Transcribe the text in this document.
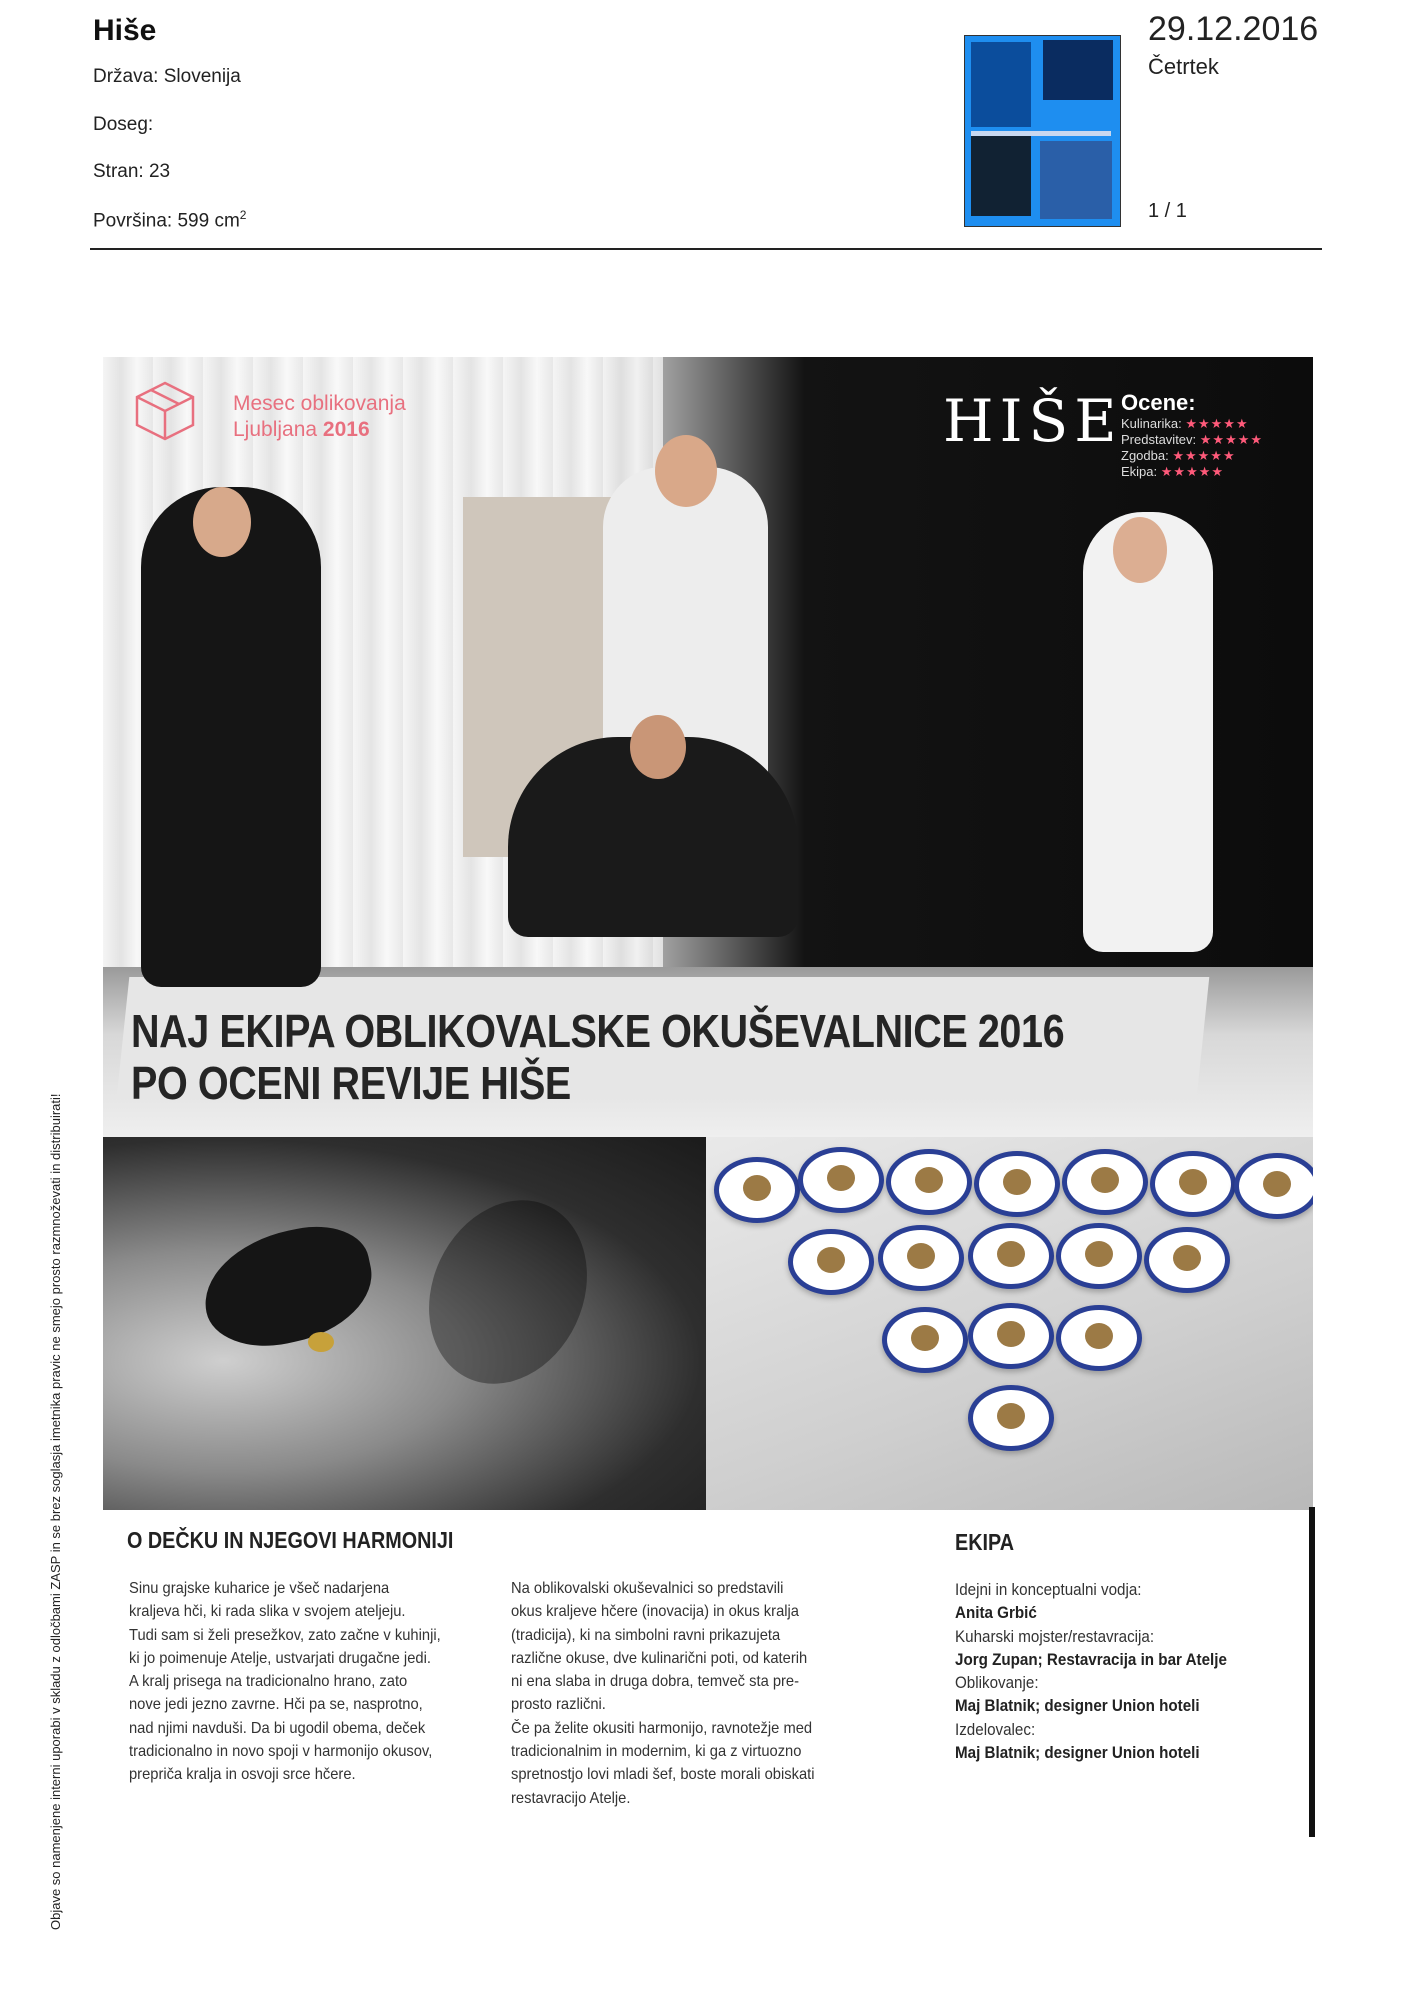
Hiše
Država: Slovenija
Doseg:
Stran: 23
Površina: 599 $cm^2$
29.12.2016
Četrtek
1 / 1
Mesec oblikovanja
Ljubljana 2016	HIŠE
Ocene:
Kulinarika: ★★★★★
Predstavitev: ★★★★★
Zgodba: ★★★★★
Ekipa: ★★★★★
NAJ EKIPA OBLIKOVALSKE OKUŠEVALNICE 2016
PO OCENI REVIJE HIŠE
O DEČKU IN NJEGOVI HARMONIJI
Sinu grajske kuharice je všeč nadarjena
kraljeva hči, ki rada slika v svojem ateljeju.
Tudi sam si želi presežkov, zato začne v kuhinji,
ki jo poimenuje Atelje, ustvarjati drugačne jedi.
A kralj prisega na tradicionalno hrano, zato
nove jedi jezno zavrne. Hči pa se, nasprotno,
nad njimi navduši. Da bi ugodil obema, deček
tradicionalno in novo spoji v harmonijo okusov,
prepriča kralja in osvoji srce hčere.
Na oblikovalski okuševalnici so predstavili
okus kraljeve hčere (inovacija) in okus kralja
(tradicija), ki na simbolni ravni prikazujeta
različne okuse, dve kulinarični poti, od katerih
ni ena slaba in druga dobra, temveč sta pre-
prosto različni.
Če pa želite okusiti harmonijo, ravnotežje med
tradicionalnim in modernim, ki ga z virtuozno
spretnostjo lovi mladi šef, boste morali obiskati
restavracijo Atelje.
EKIPA
Idejni in konceptualni vodja:
Anita Grbić
Kuharski mojster/restavracija:
Jorg Zupan; Restavracija in bar Atelje
Oblikovanje:
Maj Blatnik; designer Union hoteli
Izdelovalec:
Maj Blatnik; designer Union hoteli
Objave so namenjene interni uporabi v skladu z odločbami ZASP in se brez soglasja imetnika pravic ne smejo prosto razmnoževati in distribuirati!
